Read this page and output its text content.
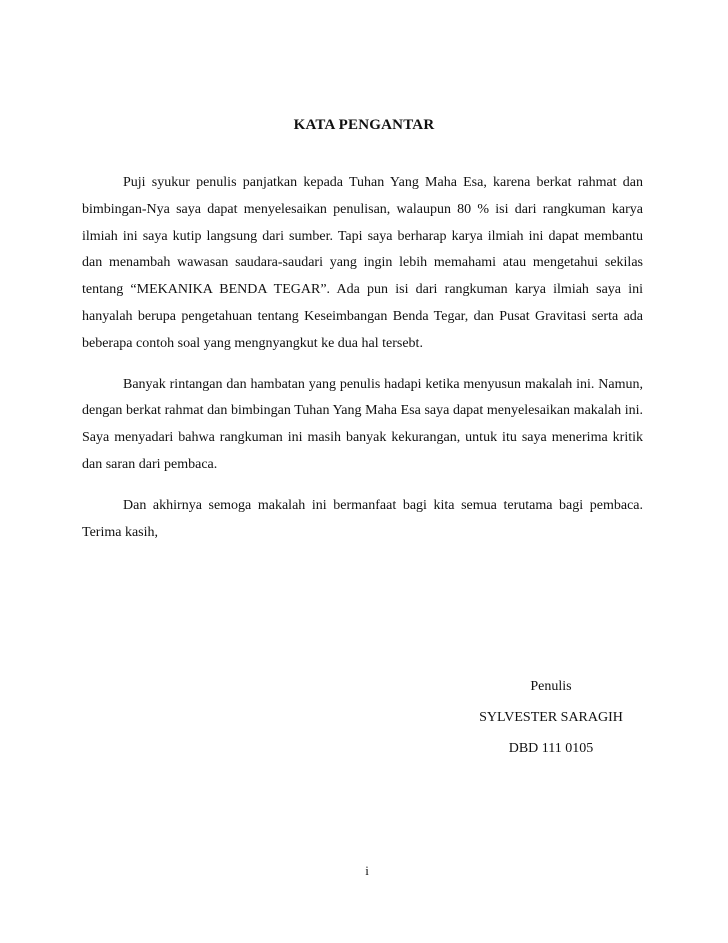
KATA PENGANTAR

Puji syukur penulis panjatkan kepada Tuhan Yang Maha Esa, karena berkat rahmat dan bimbingan-Nya saya dapat menyelesaikan penulisan, walaupun 80 % isi dari rangkuman karya ilmiah ini saya kutip langsung dari sumber. Tapi saya berharap karya ilmiah ini dapat membantu dan menambah wawasan saudara-saudari yang ingin lebih memahami atau mengetahui sekilas tentang “MEKANIKA BENDA TEGAR”. Ada pun isi dari rangkuman karya ilmiah saya ini hanyalah berupa pengetahuan tentang Keseimbangan Benda Tegar, dan Pusat Gravitasi serta ada beberapa contoh soal yang mengnyangkut ke dua hal tersebt.

Banyak rintangan dan hambatan yang penulis hadapi ketika menyusun makalah ini. Namun, dengan berkat rahmat dan bimbingan Tuhan Yang Maha Esa saya dapat menyelesaikan makalah ini. Saya menyadari bahwa rangkuman ini masih banyak kekurangan, untuk itu saya menerima kritik dan saran dari pembaca.

Dan akhirnya semoga makalah ini bermanfaat bagi kita semua terutama bagi pembaca. Terima kasih,

Penulis
SYLVESTER SARAGIH
DBD 111 0105
i
